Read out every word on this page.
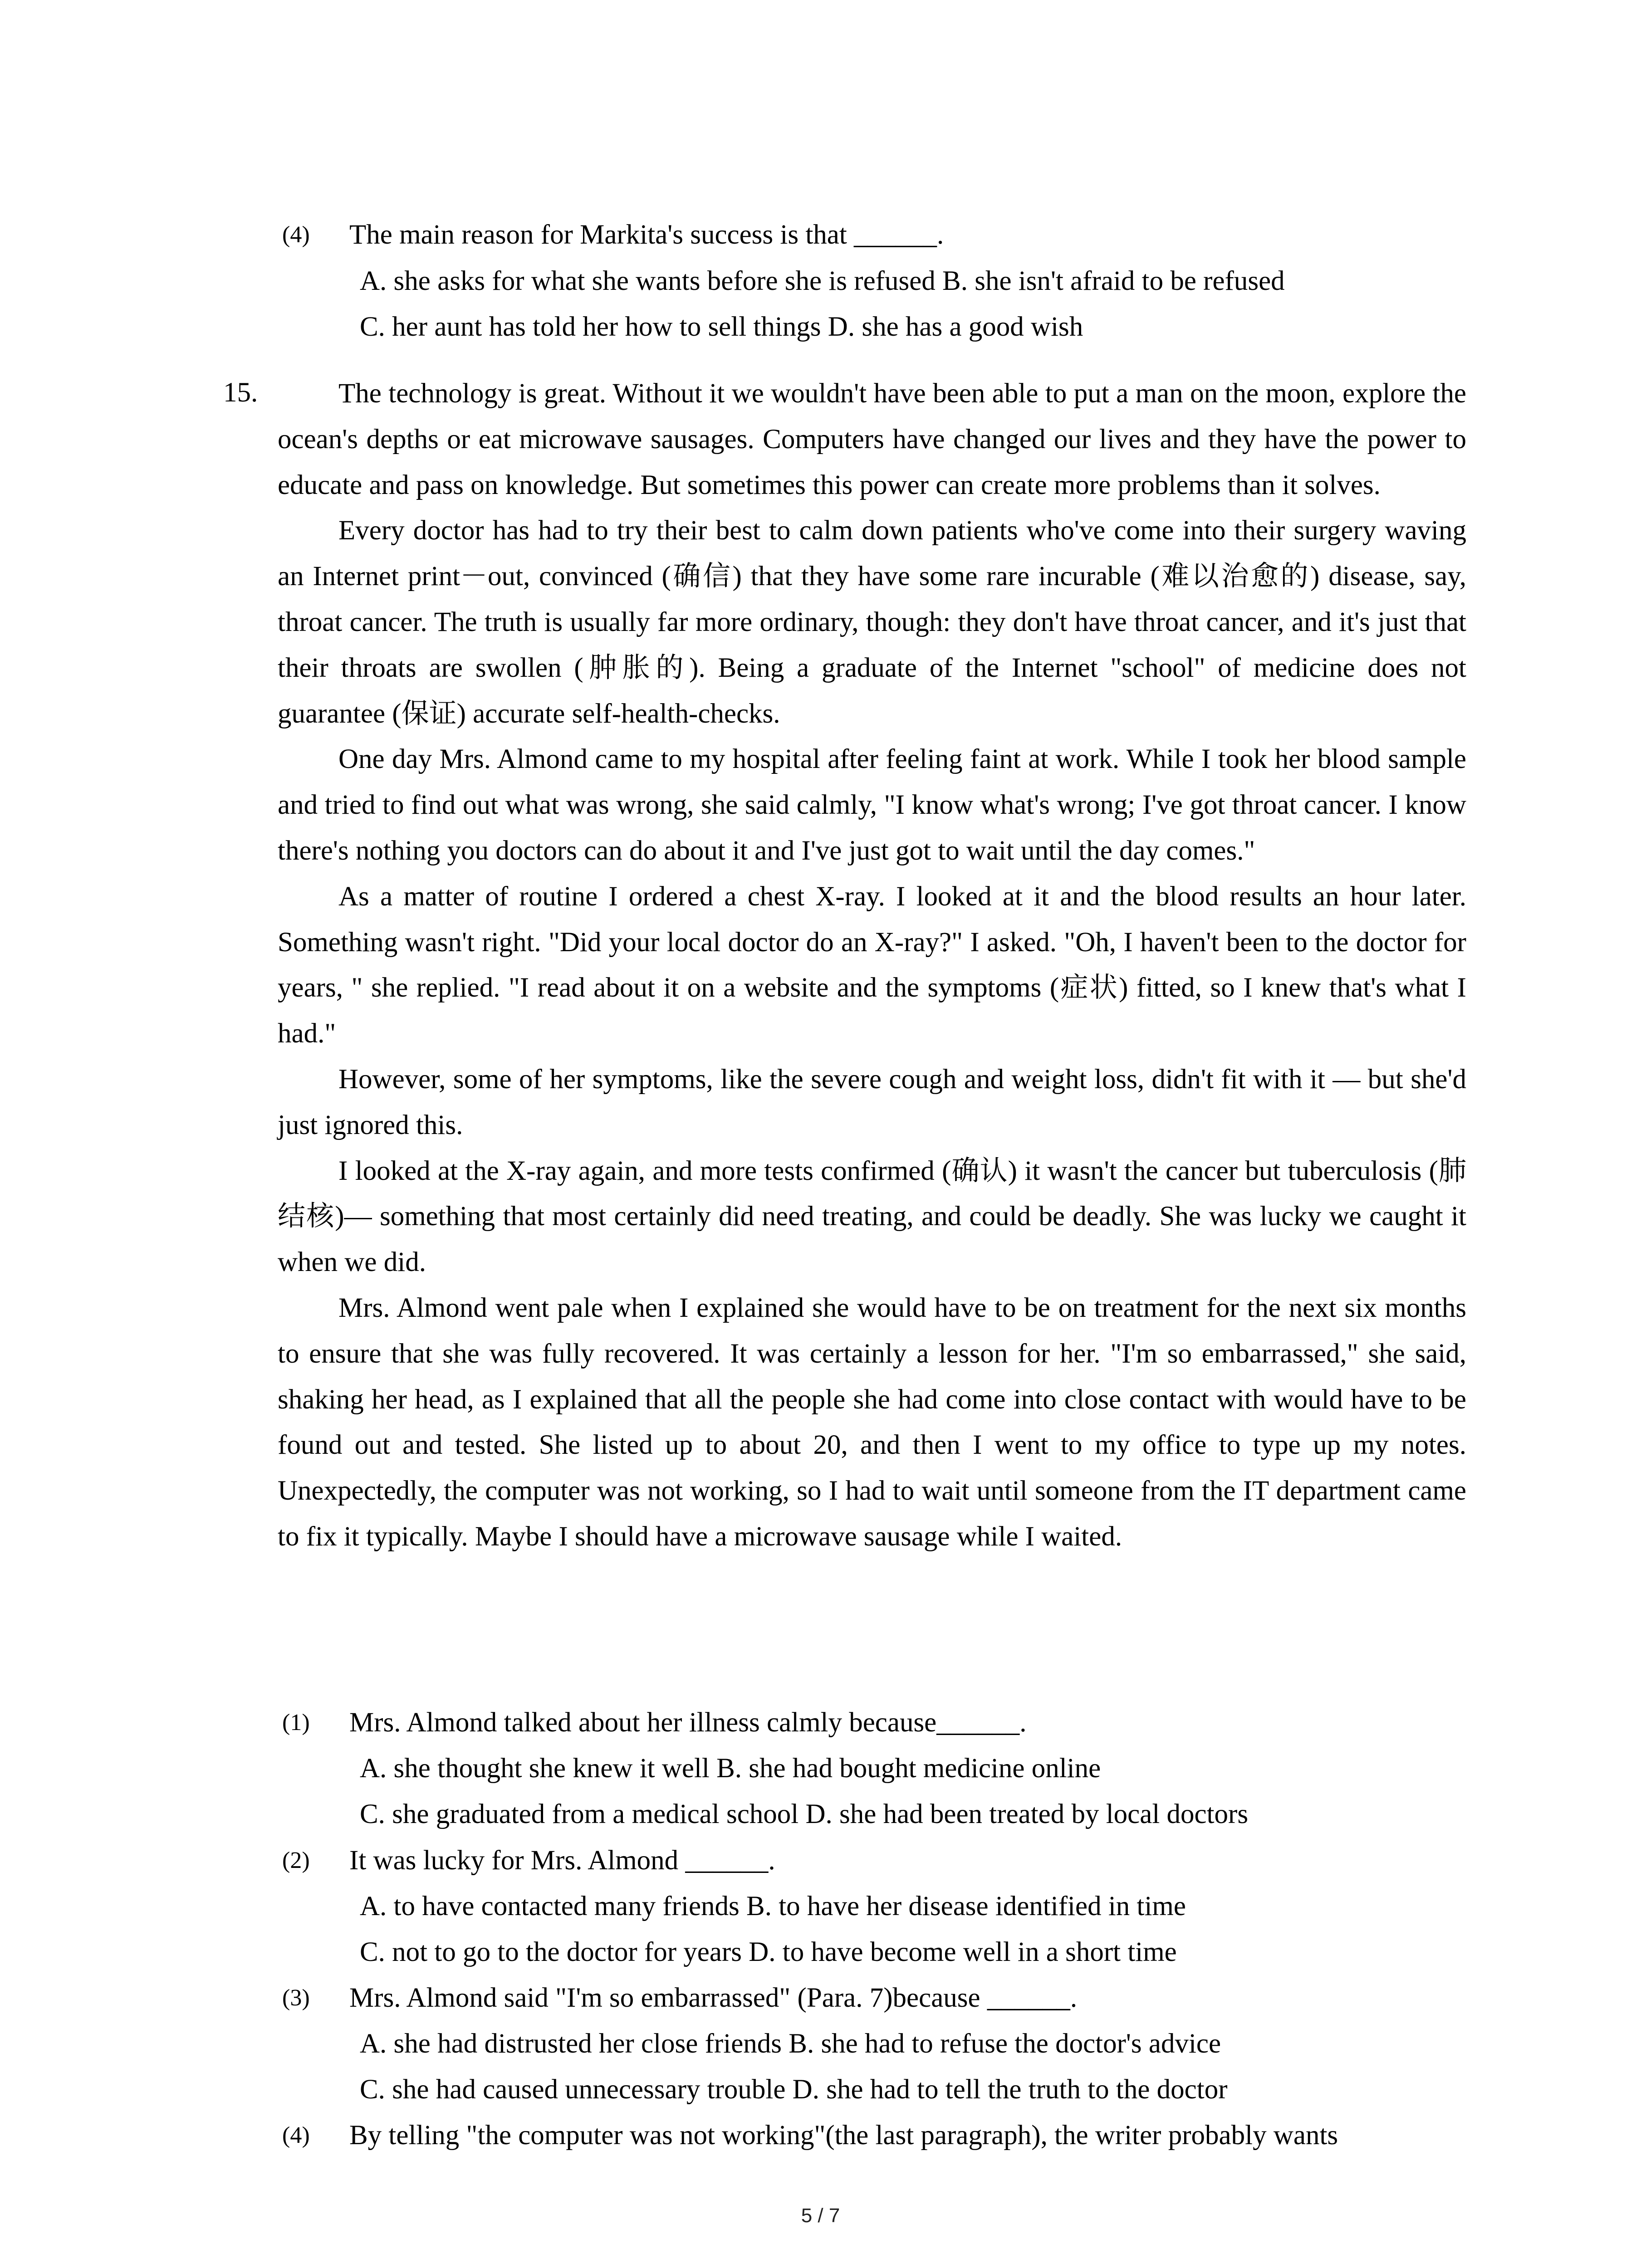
(4) The main reason for Markita's success is that ______.
A. she asks for what she wants before she is refused B. she isn't afraid to be refused
C. her aunt has told her how to sell things D. she has a good wish
15.	The technology is great. Without it we wouldn't have been able to put a man on the moon, explore the ocean's depths or eat microwave sausages. Computers have changed our lives and they have the power to educate and pass on knowledge. But sometimes this power can create more problems than it solves.

Every doctor has had to try their best to calm down patients who've come into their surgery waving an Internet print－out, convinced (确信) that they have some rare incurable (难以治愈的) disease, say, throat cancer. The truth is usually far more ordinary, though: they don't have throat cancer, and it's just that their throats are swollen (肿胀的). Being a graduate of the Internet "school" of medicine does not guarantee (保证) accurate self-health-checks.

One day Mrs. Almond came to my hospital after feeling faint at work. While I took her blood sample and tried to find out what was wrong, she said calmly, "I know what's wrong; I've got throat cancer. I know there's nothing you doctors can do about it and I've just got to wait until the day comes."

As a matter of routine I ordered a chest X-ray. I looked at it and the blood results an hour later. Something wasn't right. "Did your local doctor do an X-ray?" I asked. "Oh, I haven't been to the doctor for years, " she replied. "I read about it on a website and the symptoms (症状) fitted, so I knew that's what I had."

However, some of her symptoms, like the severe cough and weight loss, didn't fit with it — but she'd just ignored this.

I looked at the X-ray again, and more tests confirmed (确认) it wasn't the cancer but tuberculosis (肺结核)— something that most certainly did need treating, and could be deadly. She was lucky we caught it when we did.

Mrs. Almond went pale when I explained she would have to be on treatment for the next six months to ensure that she was fully recovered. It was certainly a lesson for her. "I'm so embarrassed," she said, shaking her head, as I explained that all the people she had come into close contact with would have to be found out and tested. She listed up to about 20, and then I went to my office to type up my notes. Unexpectedly, the computer was not working, so I had to wait until someone from the IT department came to fix it typically. Maybe I should have a microwave sausage while I waited.

(1) Mrs. Almond talked about her illness calmly because______.
A. she thought she knew it well B. she had bought medicine online
C. she graduated from a medical school D. she had been treated by local doctors
(2) It was lucky for Mrs. Almond ______.
A. to have contacted many friends B. to have her disease identified in time
C. not to go to the doctor for years D. to have become well in a short time
(3) Mrs. Almond said "I'm so embarrassed" (Para. 7)because ______.
A. she had distrusted her close friends B. she had to refuse the doctor's advice
C. she had caused unnecessary trouble D. she had to tell the truth to the doctor
(4) By telling "the computer was not working"(the last paragraph), the writer probably wants
5 / 7
